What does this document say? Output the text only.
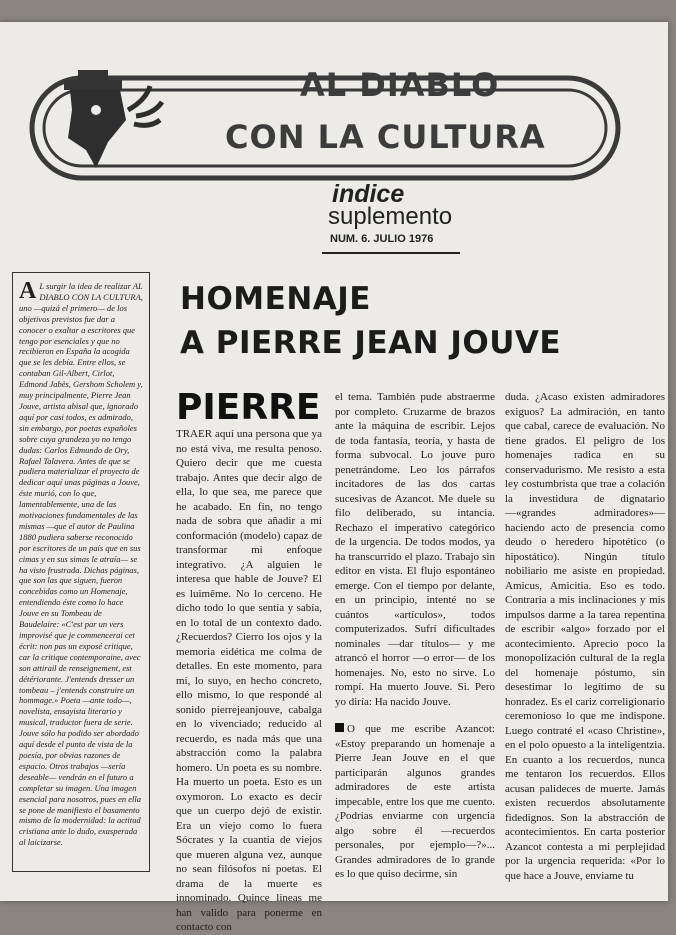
AL DIABLO
CON LA CULTURA
indice
suplemento
NUM. 6. JULIO 1976

A L surgir la idea de realizar AL DIABLO CON LA CULTURA, uno —quizá el primero— de los objetivos previstos fue dar a conocer o exaltar a escritores que tengo por esenciales y que no recibieron en España la acogida que se les debía. Entre ellos, se contaban Gil-Albert, Cirlot, Edmond Jabès, Gershom Scholem y, muy principalmente, Pierre Jean Jouve, artista abisal que, ignorado aquí por casi todos, es admirado, sin embargo, por poetas españoles sobre cuya grandeza yo no tengo dudas: Carlos Edmundo de Ory, Rafael Talavera. Antes de que se pudiera materializar el proyecto de dedicar aquí unas páginas a Jouve, éste murió, con lo que, lamentablemente, una de las motivaciones fundamentales de las mismas —que el autor de Paulina 1880 pudiera saberse reconocido por escritores de un país que en sus cimas y en sus simas le atraía— se ha visto frustrada. Dichas páginas, que son las que siguen, fueron concebidas como un Homenaje, entendiendo éste como lo hace Jouve en su Tombeau de Baudelaire: «C'est par un vers improvisé que je commencerai cet écrit: non pas un exposé critique, car la critique contemporaine, avec son attirail de renseignement, est détériorante. J'entends dresser un tombeau – j'entends construire un hommage.» Poeta —ante todo—, novelista, ensayista literario y musical, traductor fuera de serie. Jouve sólo ha podido ser abordado aquí desde el punto de vista de la poesía, por obvias razones de espacio. Otros trabajos —sería deseable— vendrán en el futuro a completar su imagen. Una imagen esencial para nosotros, pues en ella se pone de manifiesto el basamento mismo de la modernidad: la actitud cristiana ante lo dudo, exasperada al laicizarse.

HOMENAJE
A PIERRE JEAN JOUVE
PIERRE

TRAER aquí una persona que ya no está viva, me resulta penoso. Quiero decir que me cuesta trabajo. Antes que decir algo de ella, lo que sea, me parece que he acabado. En fin, no tengo nada de sobra que añadir a mi conformación (modelo) capaz de transformar mi enfoque integrativo. ¿A alguien le interesa que hable de Jouve? El es luimême. No lo cerceno. He dicho todo lo que sentía y sabía, en lo total de un contexto dado. ¿Recuerdos? Cierro los ojos y la memoria eidética me colma de detalles. En este momento, para mí, lo suyo, en hecho concreto, ello mismo, lo que respondé al sonido pierrejeanjouve, cabalga en lo vivenciado; reducido al recuerdo, es nada más que una abstracción como la palabra homero. Un poeta es su nombre. Ha muerto un poeta. Esto es un oxymoron. Lo exacto es decir que un cuerpo dejó de existir. Era un viejo como lo fuera Sócrates y la cuantía de viejos que mueren alguna vez, aunque no sean filósofos ni poetas. El drama de la muerte es innominado. Quince líneas me han valido para ponerme en contacto con

el tema. También pude abstraerme por completo. Cruzarme de brazos ante la máquina de escribir. Lejos de toda fantasía, teoría, y hasta de forma subvocal. Lo jouve puro penetrándome. Leo los párrafos incitadores de las dos cartas sucesivas de Azancot. Me duele su filo deliberado, su intancia. Rechazo el imperativo categórico de la urgencia. De todos modos, ya ha transcurrido el plazo. Trabajo sin editor en vista. El flujo espontáneo emerge. Con el tiempo por delante, en un principio, intenté no se cuántos «artículos», todos computerizados. Sufrí dificultades nominales —dar títulos— y me atrancó el horror —o error— de los homenajes. No, esto no sirve. Lo rompí. Ha muerto Jouve. Si. Pero yo diría: Ha nacido Jouve.

O que me escribe Azancot: «Estoy preparando un homenaje a Pierre Jean Jouve en el que participarán algunos grandes admiradores de este artista impecable, entre los que me cuento. ¿Podrías enviarme con urgencia algo sobre él —recuerdos personales, por ejemplo—?»... Grandes admiradores de lo grande es lo que quiso decirme, sin

duda. ¿Acaso existen admiradores exiguos? La admiración, en tanto que cabal, carece de evaluación. No tiene grados. El peligro de los homenajes radica en su conservadurismo. Me resisto a esta ley costumbrista que trae a colación la investidura de dignatario —«grandes admiradores»— haciendo acto de presencia como deudo o heredero hipotético (o hipostático). Ningún título nobiliario me asiste en propiedad. Amicus, Amicitia. Eso es todo. Contraria a mis inclinaciones y mis impulsos darme a la tarea repentina de escribir «algo» forzado por el acontecimiento. Aprecio poco la monopolización cultural de la regla del homenaje póstumo, sin desestimar lo legítimo de su honradez. Es el cariz correligionario ceremonioso lo que me indispone. Luego contraté el «caso Christine», en el polo opuesto a la inteligentzia. En cuanto a los recuerdos, nunca me tentaron los recuerdos. Ellos acusan palideces de muerte. Jamás existen recuerdos absolutamente fidedignos. Son la abstracción de acontecimientos. En carta posterior Azancot contesta a mi perplejidad por la urgencia requerida: «Por lo que hace a Jouve, enviame tu
